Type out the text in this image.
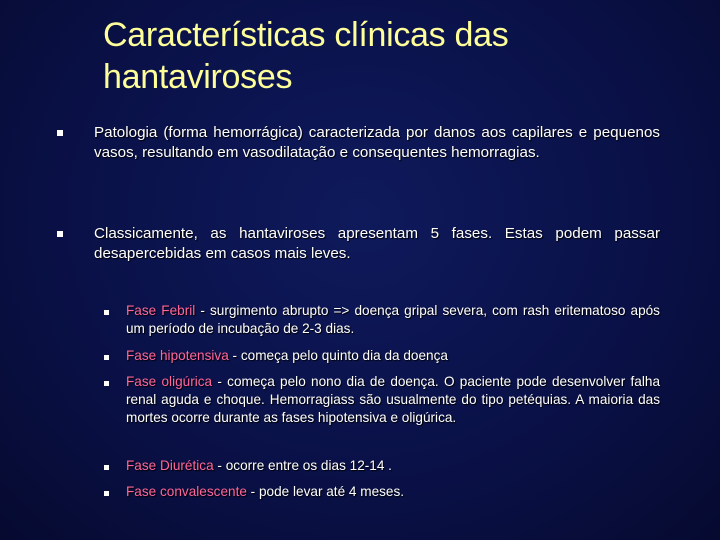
Características clínicas das
hantaviroses
Patologia (forma hemorrágica) caracterizada por danos aos capilares e pequenos vasos, resultando em vasodilatação e consequentes hemorragias.
Classicamente, as hantaviroses apresentam 5 fases. Estas podem passar desapercebidas em casos mais leves.
Fase Febril - surgimento abrupto => doença gripal severa, com rash eritematoso após um período de incubação de 2-3 dias.
Fase hipotensiva - começa pelo quinto dia da doença
Fase oligúrica - começa pelo nono dia de doença. O paciente pode desenvolver falha renal aguda e choque. Hemorragiass são usualmente do tipo petéquias. A maioria das mortes ocorre durante as fases hipotensiva e oligúrica.
Fase Diurética - ocorre entre os dias 12-14 .
Fase convalescente - pode levar até 4 meses.
